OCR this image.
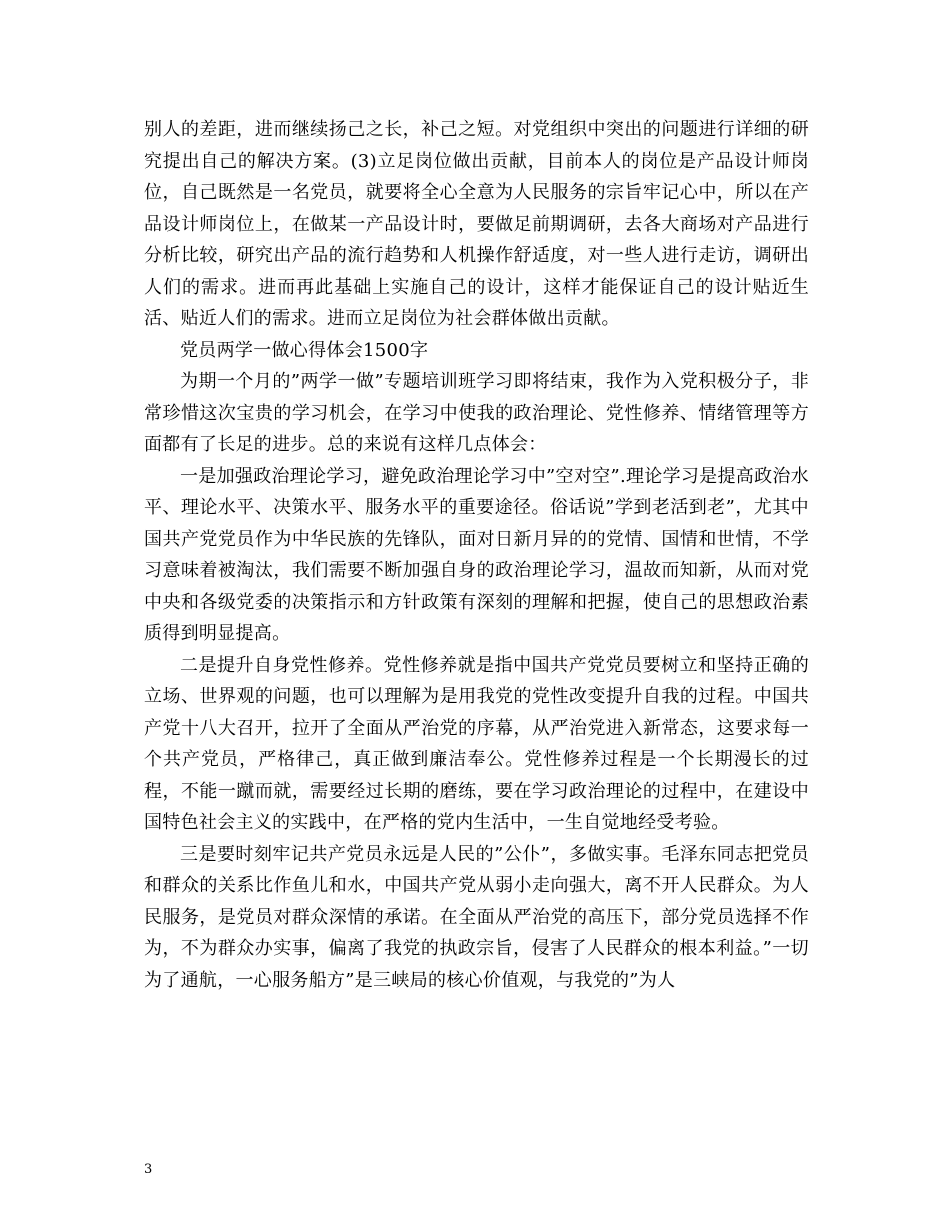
别人的差距，进而继续扬己之长，补己之短。对党组织中突出的问题进行详细的研究提出自己的解决方案。(3)立足岗位做出贡献，目前本人的岗位是产品设计师岗位，自己既然是一名党员，就要将全心全意为人民服务的宗旨牢记心中，所以在产品设计师岗位上，在做某一产品设计时，要做足前期调研，去各大商场对产品进行分析比较，研究出产品的流行趋势和人机操作舒适度，对一些人进行走访，调研出人们的需求。进而再此基础上实施自己的设计，这样才能保证自己的设计贴近生活、贴近人们的需求。进而立足岗位为社会群体做出贡献。

党员两学一做心得体会1500字

为期一个月的”两学一做”专题培训班学习即将结束，我作为入党积极分子，非常珍惜这次宝贵的学习机会，在学习中使我的政治理论、党性修养、情绪管理等方面都有了长足的进步。总的来说有这样几点体会：

一是加强政治理论学习，避免政治理论学习中”空对空”.理论学习是提高政治水平、理论水平、决策水平、服务水平的重要途径。俗话说”学到老活到老”，尤其中国共产党党员作为中华民族的先锋队，面对日新月异的的党情、国情和世情，不学习意味着被淘汰，我们需要不断加强自身的政治理论学习，温故而知新，从而对党中央和各级党委的决策指示和方针政策有深刻的理解和把握，使自己的思想政治素质得到明显提高。

二是提升自身党性修养。党性修养就是指中国共产党党员要树立和坚持正确的立场、世界观的问题，也可以理解为是用我党的党性改变提升自我的过程。中国共产党十八大召开，拉开了全面从严治党的序幕，从严治党进入新常态，这要求每一个共产党员，严格律己，真正做到廉洁奉公。党性修养过程是一个长期漫长的过程，不能一蹴而就，需要经过长期的磨练，要在学习政治理论的过程中，在建设中国特色社会主义的实践中，在严格的党内生活中，一生自觉地经受考验。

三是要时刻牢记共产党员永远是人民的”公仆”，多做实事。毛泽东同志把党员和群众的关系比作鱼儿和水，中国共产党从弱小走向强大，离不开人民群众。为人民服务，是党员对群众深情的承诺。在全面从严治党的高压下，部分党员选择不作为，不为群众办实事，偏离了我党的执政宗旨，侵害了人民群众的根本利益。”一切为了通航，一心服务船方”是三峡局的核心价值观，与我党的”为人

3
